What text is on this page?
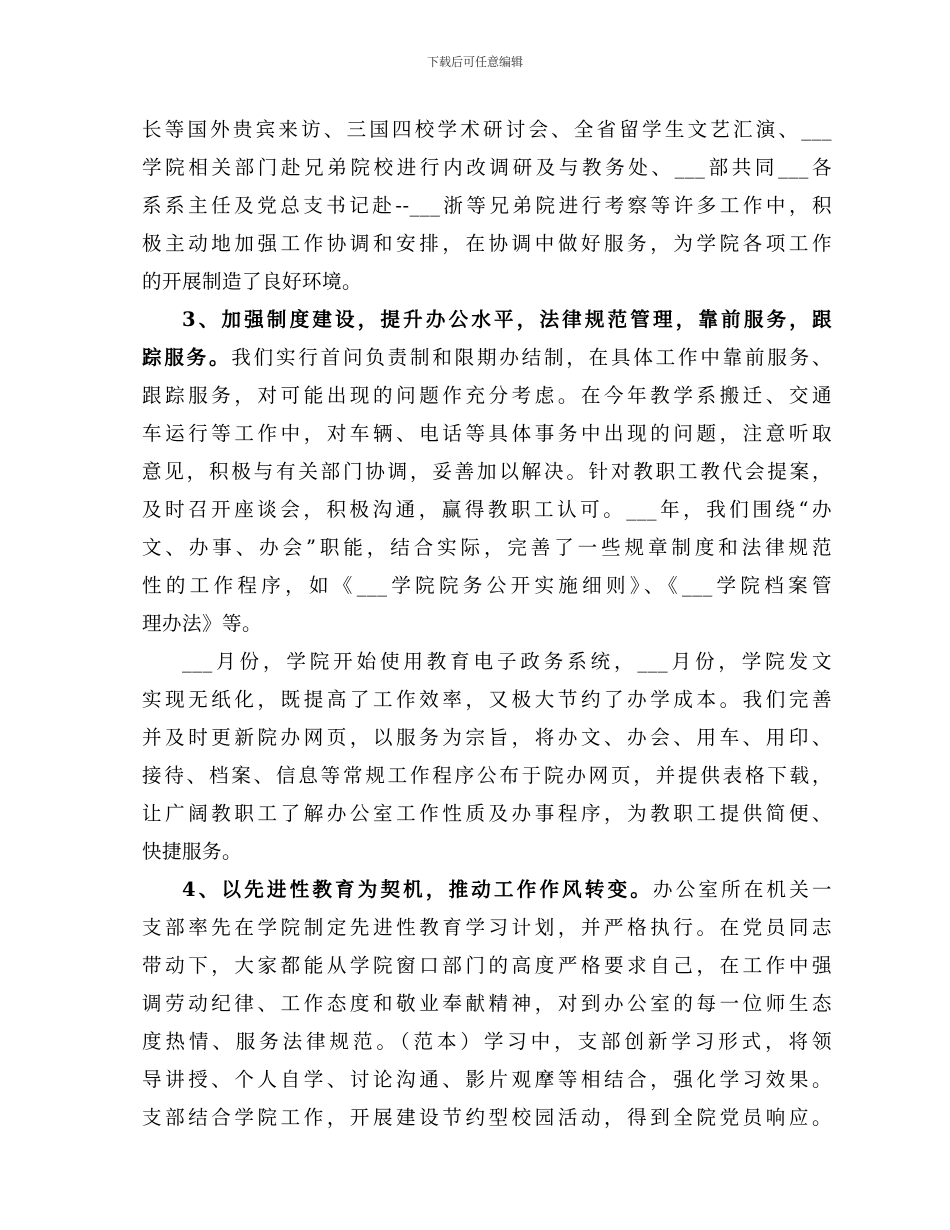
下载后可任意编辑
长等国外贵宾来访、三国四校学术研讨会、全省留学生文艺汇演、___
学院相关部门赴兄弟院校进行内改调研及与教务处、___部共同___各
系系主任及党总支书记赴--___浙等兄弟院进行考察等许多工作中，积
极主动地加强工作协调和安排，在协调中做好服务，为学院各项工作
的开展制造了良好环境。
3、加强制度建设，提升办公水平，法律规范管理，靠前服务，跟
踪服务。我们实行首问负责制和限期办结制，在具体工作中靠前服务、
跟踪服务，对可能出现的问题作充分考虑。在今年教学系搬迁、交通
车运行等工作中，对车辆、电话等具体事务中出现的问题，注意听取
意见，积极与有关部门协调，妥善加以解决。针对教职工教代会提案，
及时召开座谈会，积极沟通，赢得教职工认可。___年，我们围绕“办
文、办事、办会”职能，结合实际，完善了一些规章制度和法律规范
性的工作程序，如《___学院院务公开实施细则》、《___学院档案管
理办法》等。
___月份，学院开始使用教育电子政务系统，___月份，学院发文
实现无纸化，既提高了工作效率，又极大节约了办学成本。我们完善
并及时更新院办网页，以服务为宗旨，将办文、办会、用车、用印、
接待、档案、信息等常规工作程序公布于院办网页，并提供表格下载，
让广阔教职工了解办公室工作性质及办事程序，为教职工提供简便、
快捷服务。
4、以先进性教育为契机，推动工作作风转变。办公室所在机关一
支部率先在学院制定先进性教育学习计划，并严格执行。在党员同志
带动下，大家都能从学院窗口部门的高度严格要求自己，在工作中强
调劳动纪律、工作态度和敬业奉献精神，对到办公室的每一位师生态
度热情、服务法律规范。（范本）学习中，支部创新学习形式，将领
导讲授、个人自学、讨论沟通、影片观摩等相结合，强化学习效果。
支部结合学院工作，开展建设节约型校园活动，得到全院党员响应。
